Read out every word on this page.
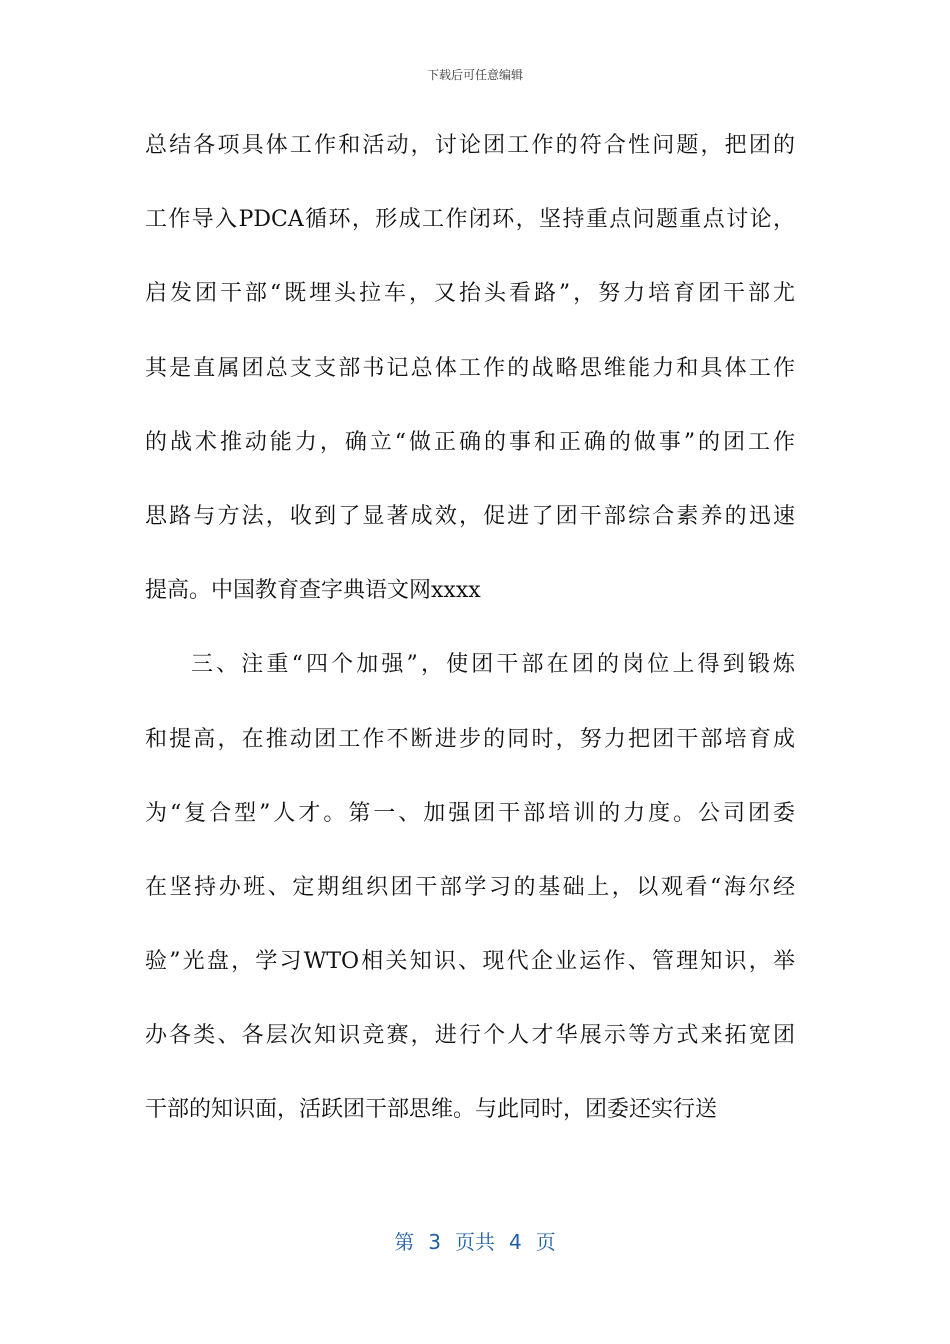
下载后可任意编辑
总结各项具体工作和活动，讨论团工作的符合性问题，把团的
工作导入PDCA循环，形成工作闭环，坚持重点问题重点讨论，
启发团干部“既埋头拉车，又抬头看路”，努力培育团干部尤
其是直属团总支支部书记总体工作的战略思维能力和具体工作
的战术推动能力，确立“做正确的事和正确的做事”的团工作
思路与方法，收到了显著成效，促进了团干部综合素养的迅速
提高。中国教育查字典语文网xxxx
三、注重“四个加强”，使团干部在团的岗位上得到锻炼
和提高，在推动团工作不断进步的同时，努力把团干部培育成
为“复合型”人才。第一、加强团干部培训的力度。公司团委
在坚持办班、定期组织团干部学习的基础上，以观看“海尔经
验”光盘，学习WTO相关知识、现代企业运作、管理知识，举
办各类、各层次知识竞赛，进行个人才华展示等方式来拓宽团
干部的知识面，活跃团干部思维。与此同时，团委还实行送
第 3 页共 4 页
